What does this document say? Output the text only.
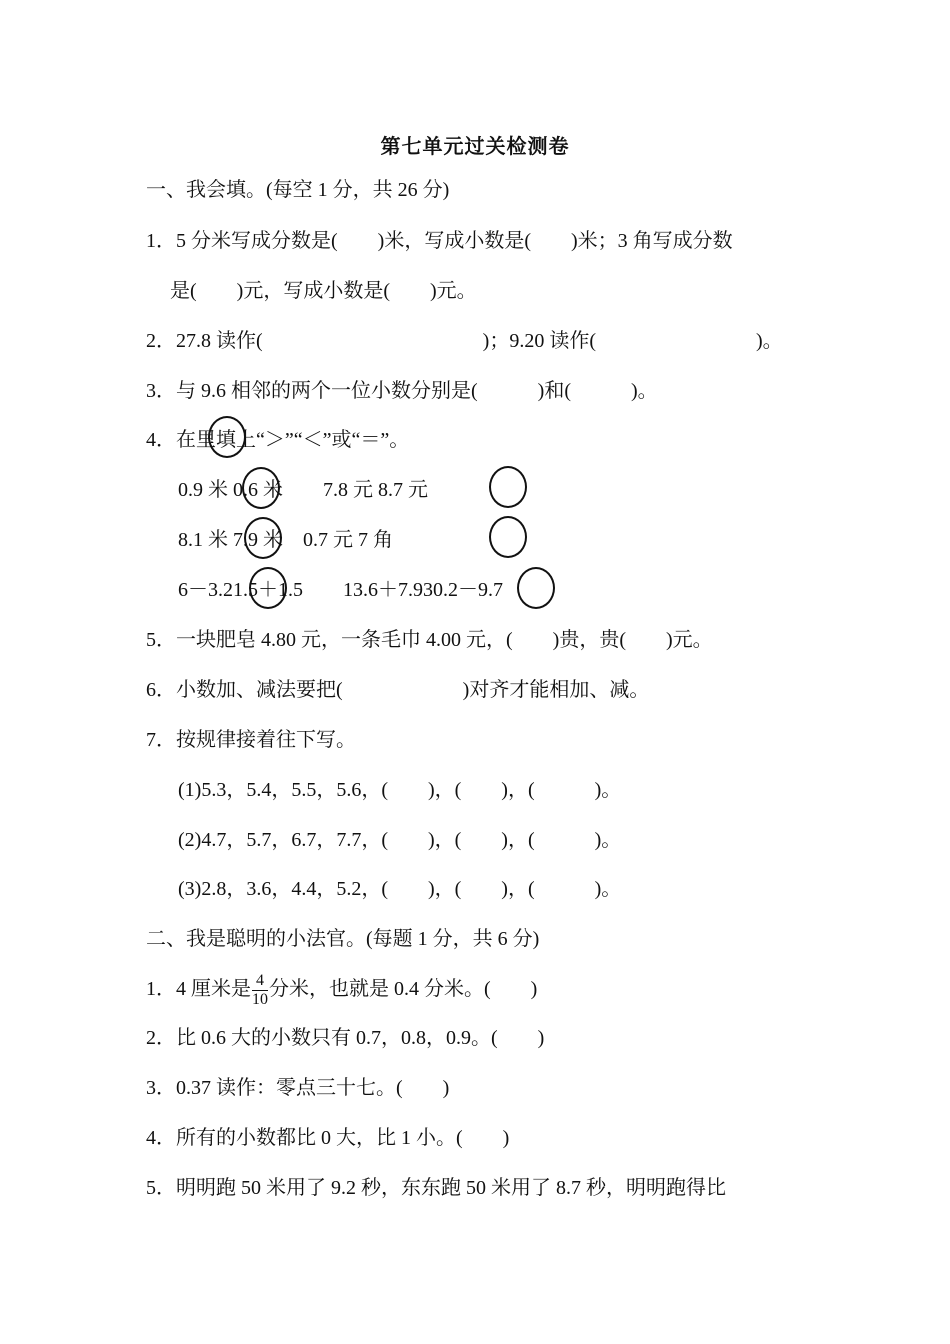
第七单元过关检测卷
一、我会填。(每空 1 分，共 26 分)
1．5 分米写成分数是(　　)米，写成小数是(　　)米；3 角写成分数
是(　　)元，写成小数是(　　)元。
2．27.8 读作(　　　　　　　　　　　)；9.20 读作(　　　　　　　　)。
3．与 9.6 相邻的两个一位小数分别是(　　　)和(　　　)。
4．在里填上“＞”“＜”或“＝”。
0.9 米 0.6 米　　7.8 元 8.7 元
8.1 米 7.9 米　0.7 元 7 角
6－3.21.5＋1.5　　13.6＋7.930.2－9.7
5．一块肥皂 4.80 元，一条毛巾 4.00 元，(　　)贵，贵(　　)元。
6．小数加、减法要把(　　　　　　)对齐才能相加、减。
7．按规律接着往下写。
(1)5.3，5.4，5.5，5.6，(　　)，(　　)，(　　　)。
(2)4.7，5.7，6.7，7.7，(　　)，(　　)，(　　　)。
(3)2.8，3.6，4.4，5.2，(　　)，(　　)，(　　　)。
二、我是聪明的小法官。(每题 1 分，共 6 分)
1．4 厘米是 $\frac{4}{10}$ 分米，也就是 0.4 分米。(　　)
2．比 0.6 大的小数只有 0.7，0.8，0.9。(　　)
3．0.37 读作：零点三十七。(　　)
4．所有的小数都比 0 大，比 1 小。(　　)
5．明明跑 50 米用了 9.2 秒，东东跑 50 米用了 8.7 秒，明明跑得比
